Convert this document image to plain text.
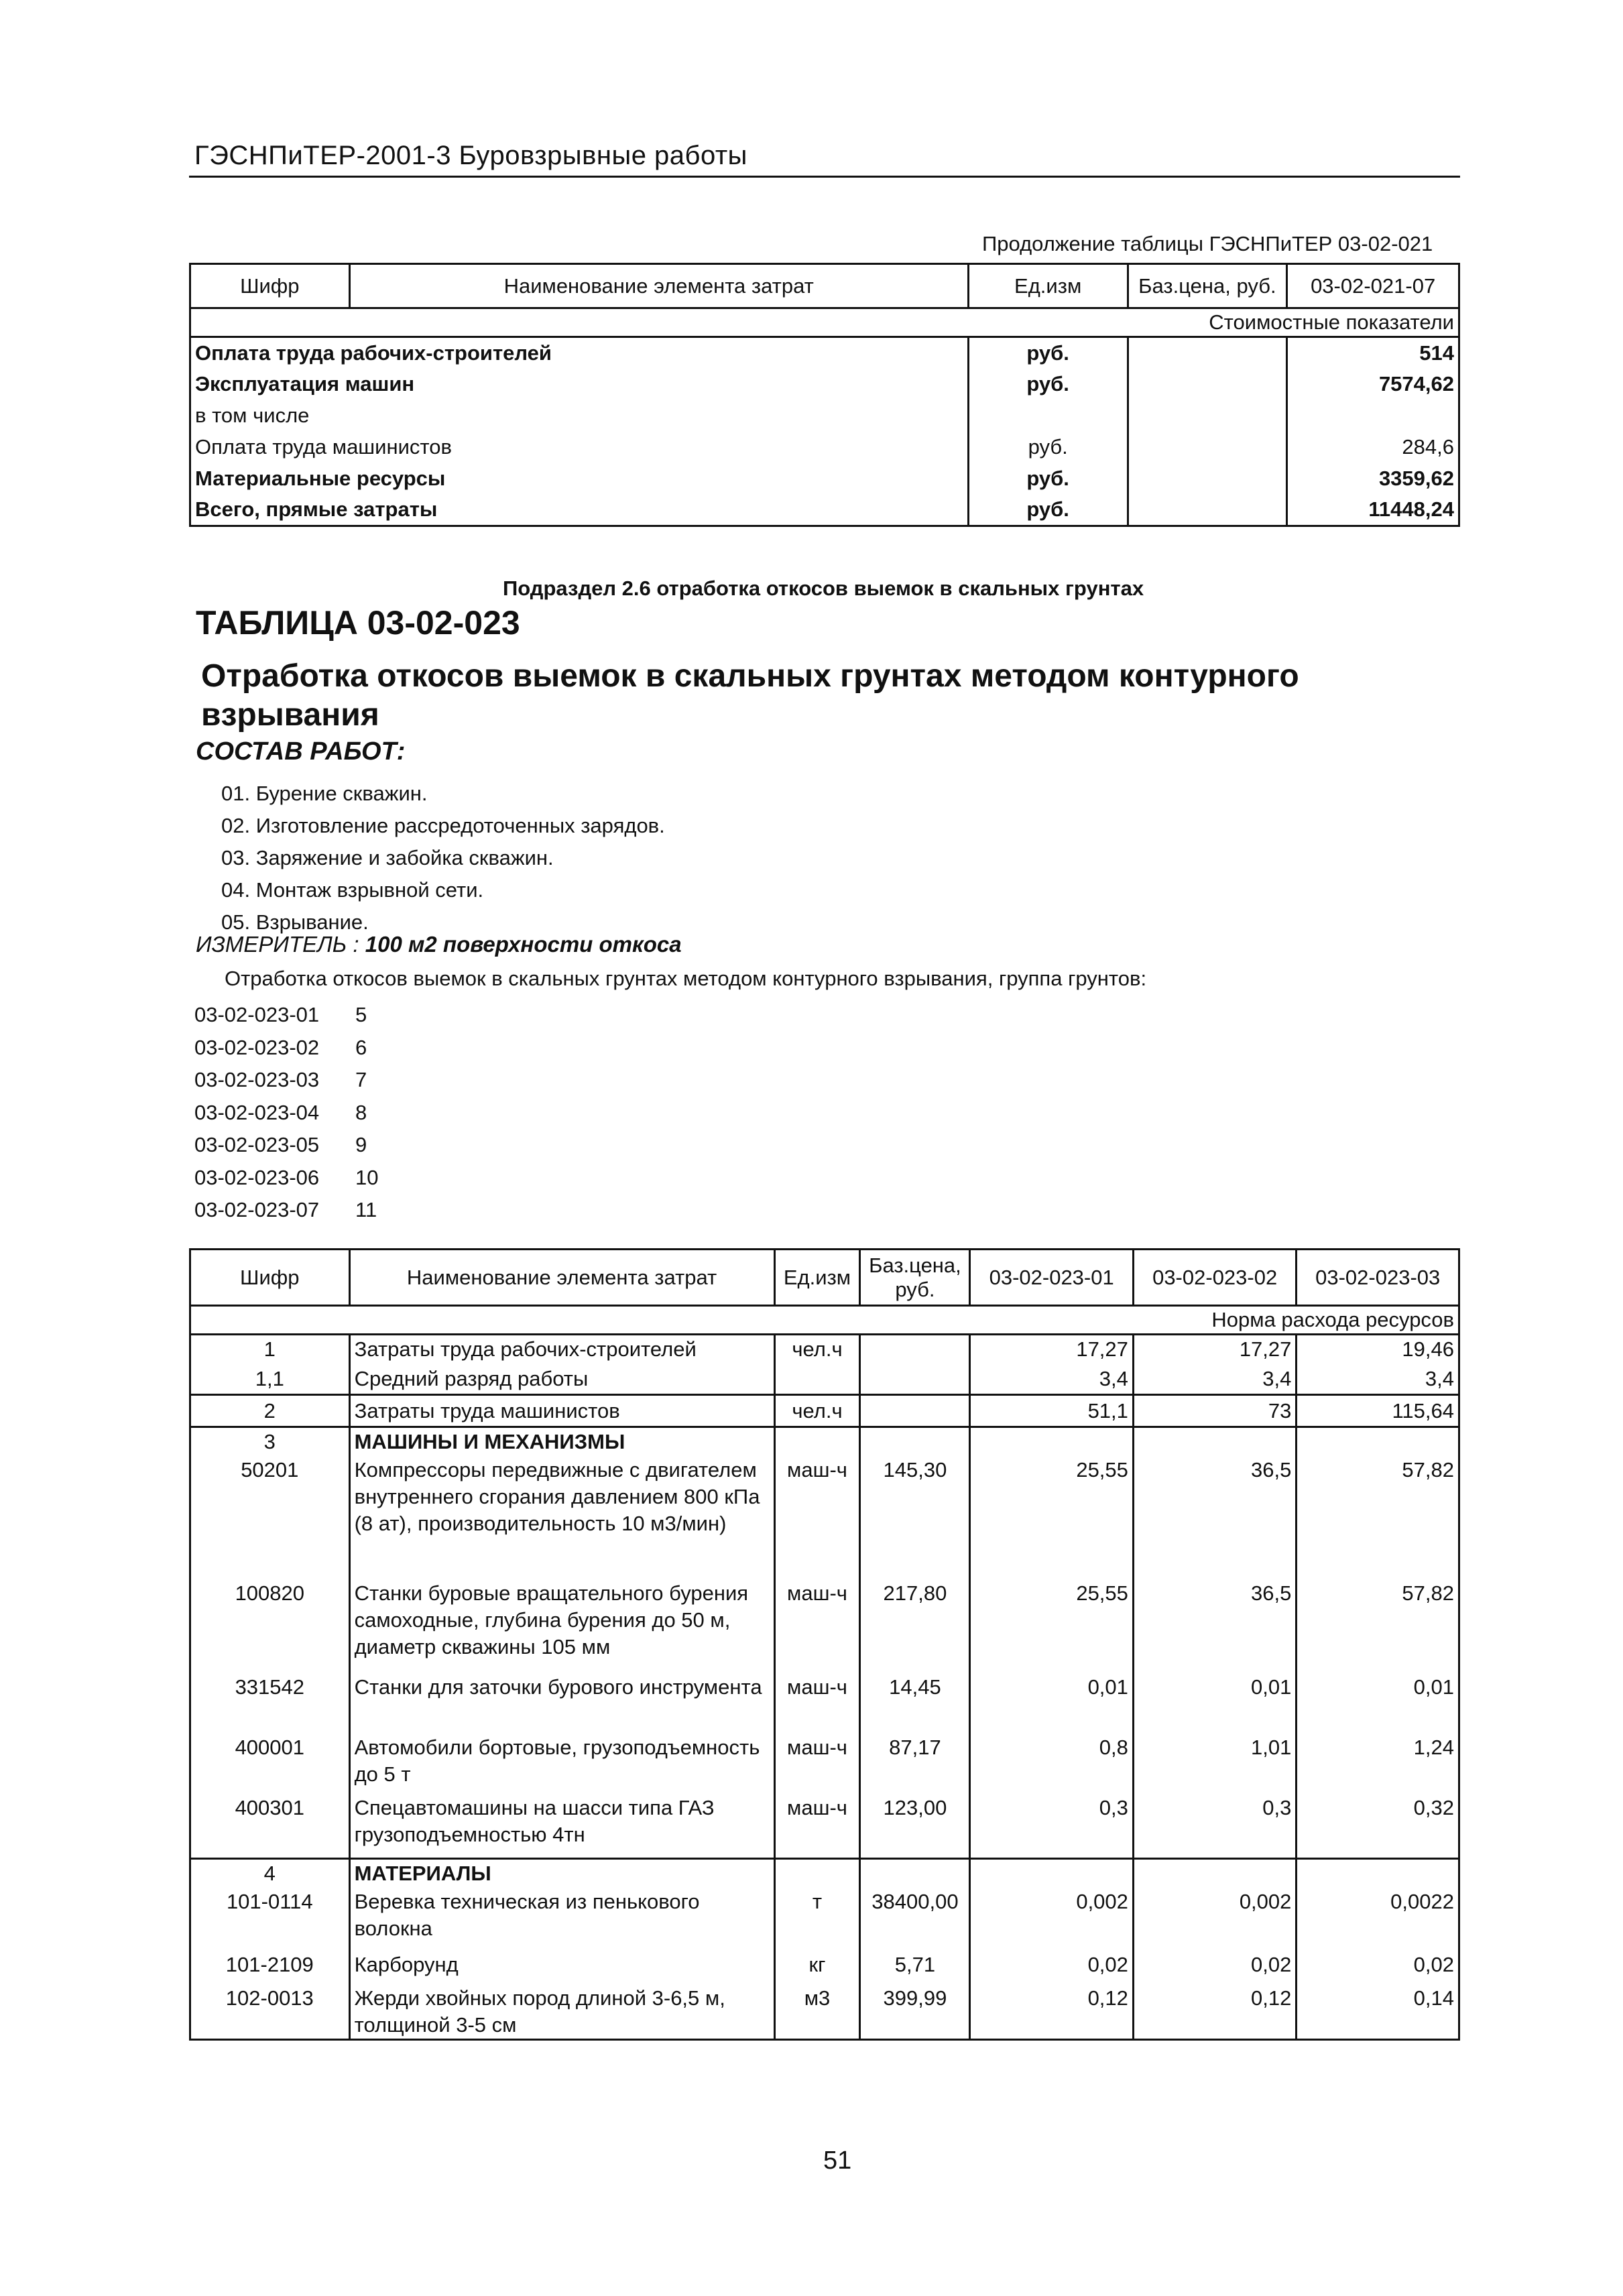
ГЭСНПиТЕР-2001-3 Буровзрывные работы
Продолжение таблицы ГЭСНПиТЕР 03-02-021
Шифр	Наименование элемента затрат	Ед.изм	Баз.цена, руб.	03-02-021-07
Стоимостные показатели				
Оплата труда рабочих-строителей		руб.		514
Эксплуатация машин		руб.		7574,62
в том числе				
Оплата труда машинистов		руб.		284,6
Материальные ресурсы		руб.		3359,62
Всего, прямые затраты		руб.		11448,24
Подраздел 2.6 отработка откосов выемок в скальных грунтах
ТАБЛИЦА 03-02-023
Отработка откосов выемок в скальных грунтах методом контурного взрывания
СОСТАВ РАБОТ:
01. Бурение скважин.
02. Изготовление рассредоточенных зарядов.
03. Заряжение и забойка скважин.
04. Монтаж взрывной сети.
05. Взрывание.
ИЗМЕРИТЕЛЬ : 100 м2 поверхности откоса
Отработка откосов выемок в скальных грунтах методом контурного взрывания, группа грунтов:
03-02-023-01 5
03-02-023-02 6
03-02-023-03 7
03-02-023-04 8
03-02-023-05 9
03-02-023-06 10
03-02-023-07 11
Шифр	Наименование элемента затрат	Ед.изм	Баз.цена, руб.	03-02-023-01	03-02-023-02	03-02-023-03
Норма расхода ресурсов						
1	Затраты труда рабочих-строителей	чел.ч		17,27	17,27	19,46
1,1	Средний разряд работы			3,4	3,4	3,4
2	Затраты труда машинистов	чел.ч		51,1	73	115,64
3	МАШИНЫ И МЕХАНИЗМЫ					
50201	Компрессоры передвижные с двигателем внутреннего сгорания давлением 800 кПа (8 ат), производительность 10 м3/мин)	маш-ч	145,30	25,55	36,5	57,82
100820	Станки буровые вращательного бурения самоходные, глубина бурения до 50 м, диаметр скважины 105 мм	маш-ч	217,80	25,55	36,5	57,82
331542	Станки для заточки бурового инструмента	маш-ч	14,45	0,01	0,01	0,01
400001	Автомобили бортовые, грузоподъемность до 5 т	маш-ч	87,17	0,8	1,01	1,24
400301	Спецавтомашины на шасси типа ГАЗ грузоподъемностью 4тн	маш-ч	123,00	0,3	0,3	0,32
4	МАТЕРИАЛЫ					
101-0114	Веревка техническая из пенькового волокна	т	38400,00	0,002	0,002	0,0022
101-2109	Карборунд	кг	5,71	0,02	0,02	0,02
102-0013	Жерди хвойных пород длиной 3-6,5 м, толщиной 3-5 см	м3	399,99	0,12	0,12	0,14
51
